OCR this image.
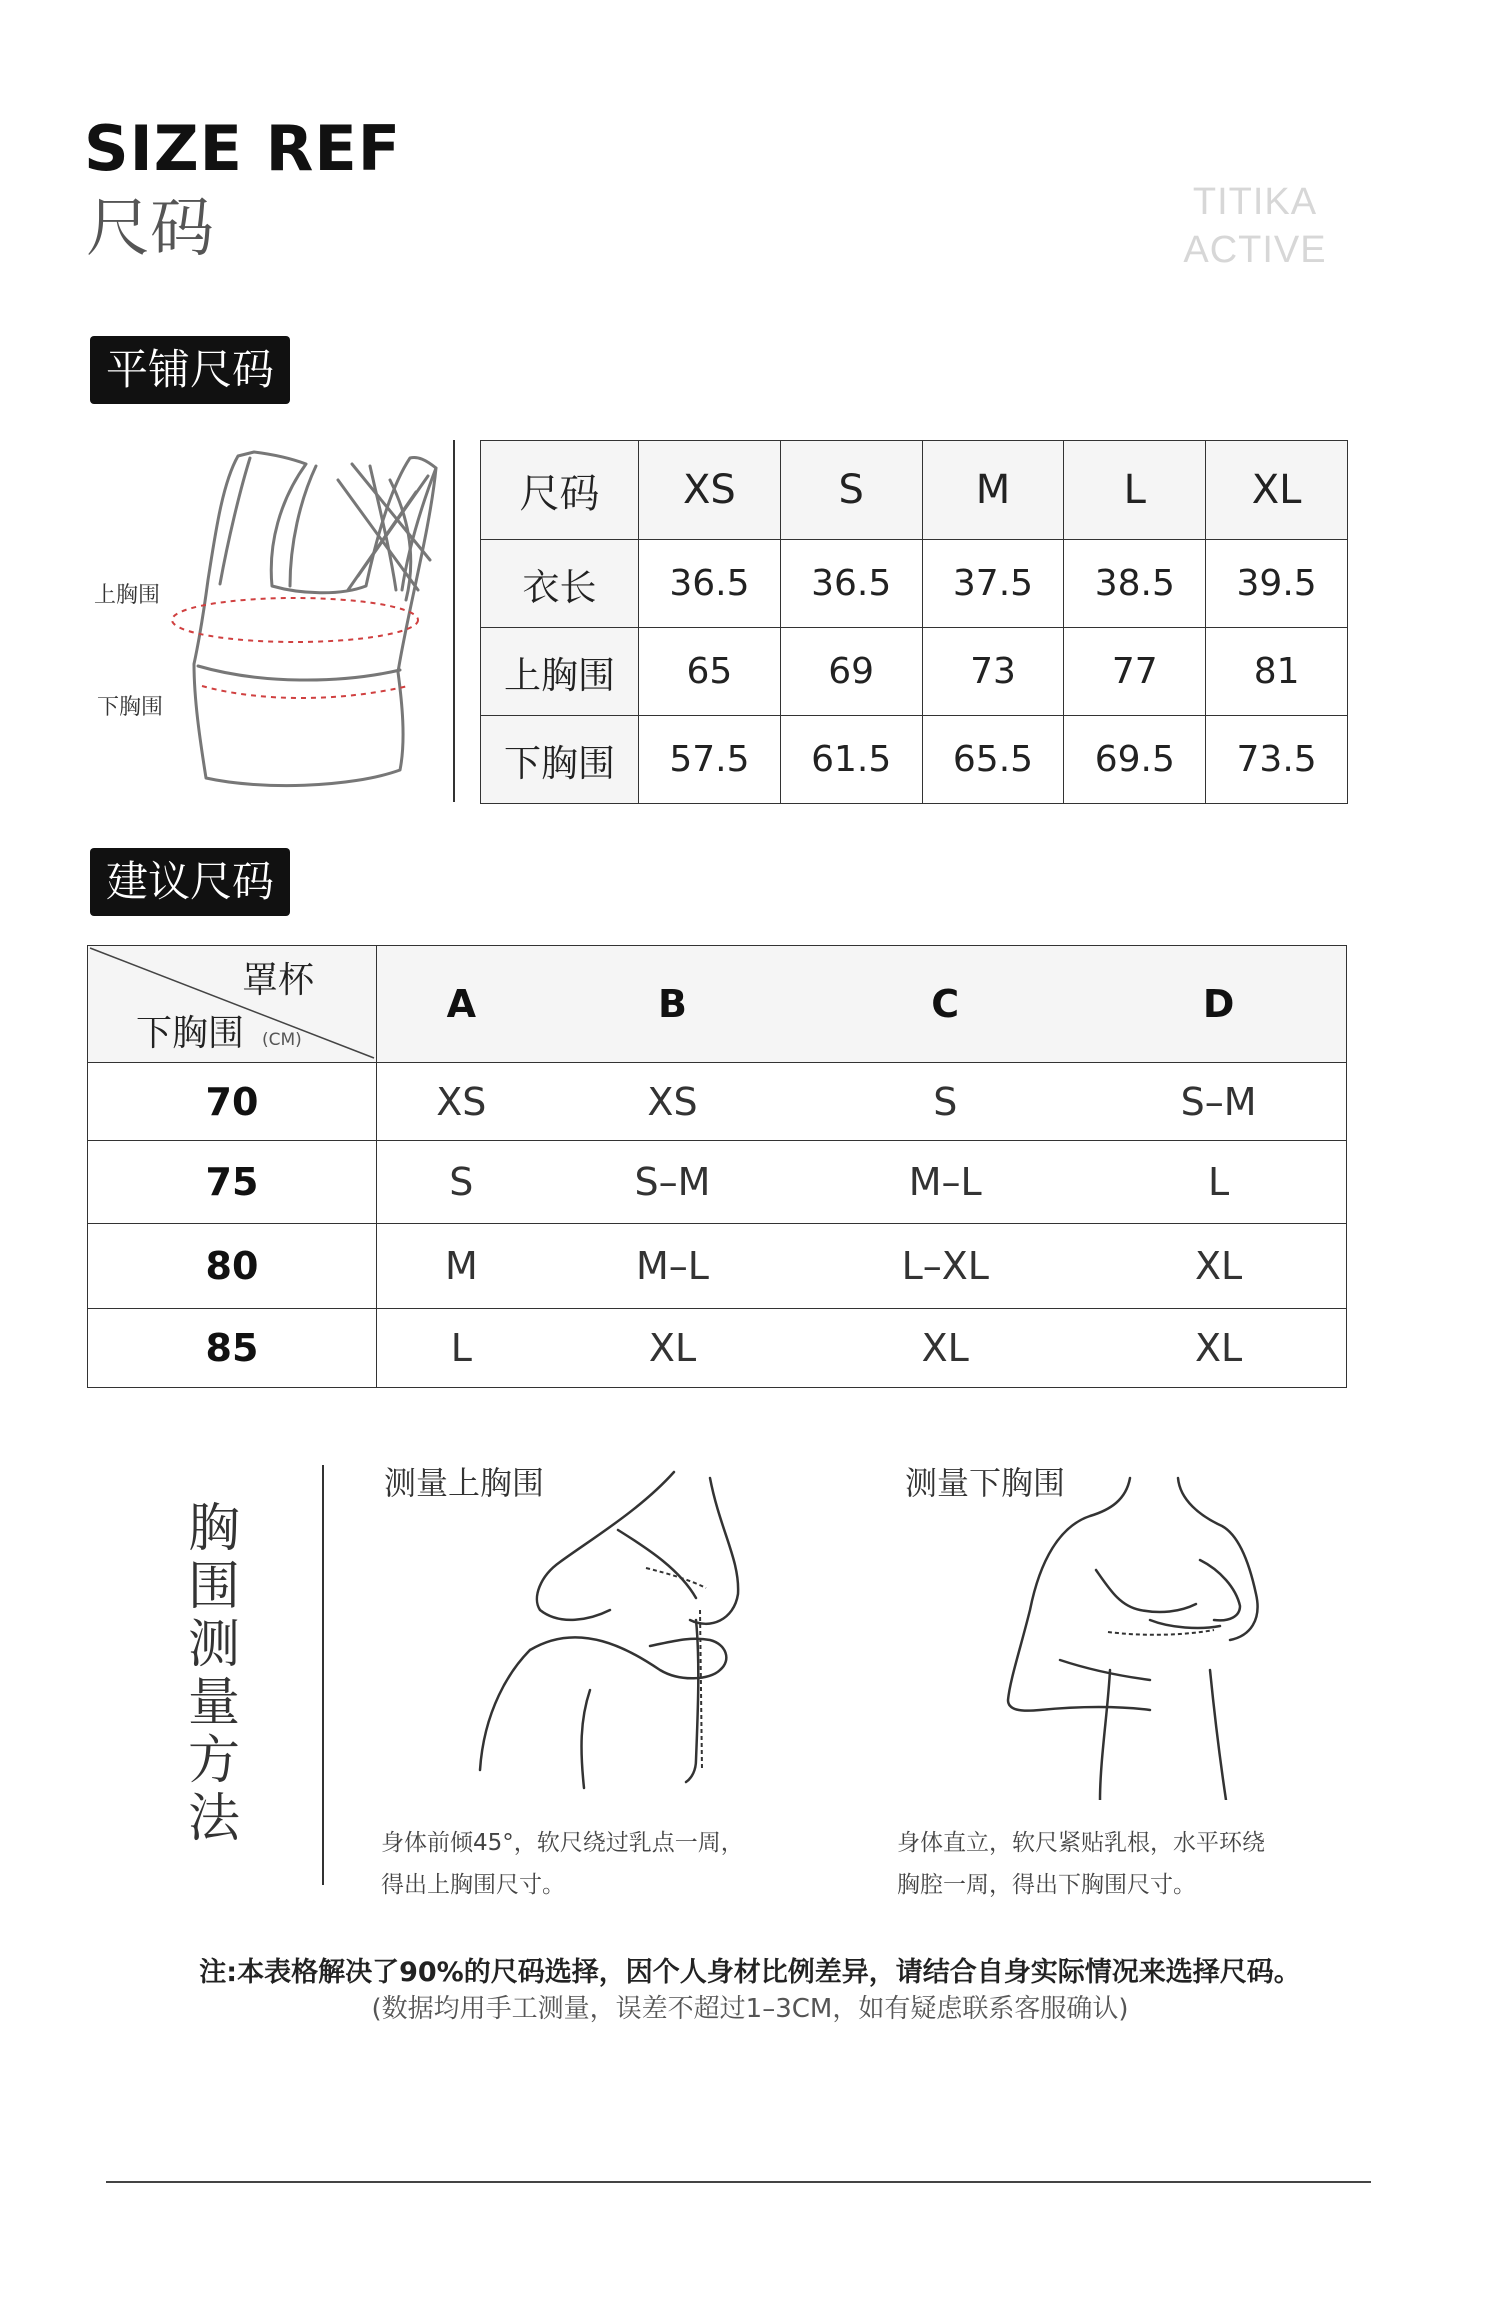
SIZE REF
尺码	TITIKA
ACTIVE
平铺尺码
上胸围
下胸围
尺码	XS	S	M	L	XL
衣长	36.5	36.5	37.5	38.5	39.5
上胸围	65	69	73	77	81
下胸围	57.5	61.5	65.5	69.5	73.5
建议尺码
罩杯
下胸围 (CM)	A	B	C	D
70	XS	XS	S	S–M
75	S	S–M	M–L	L
80	M	M–L	L–XL	XL
85	L	XL	XL	XL
胸围测量方法
测量上胸围
身体前倾45°，软尺绕过乳点一周，
得出上胸围尺寸。
测量下胸围
身体直立，软尺紧贴乳根，水平环绕
胸腔一周，得出下胸围尺寸。
注:本表格解决了90%的尺码选择，因个人身材比例差异，请结合自身实际情况来选择尺码。
(数据均用手工测量，误差不超过1–3CM，如有疑虑联系客服确认)
